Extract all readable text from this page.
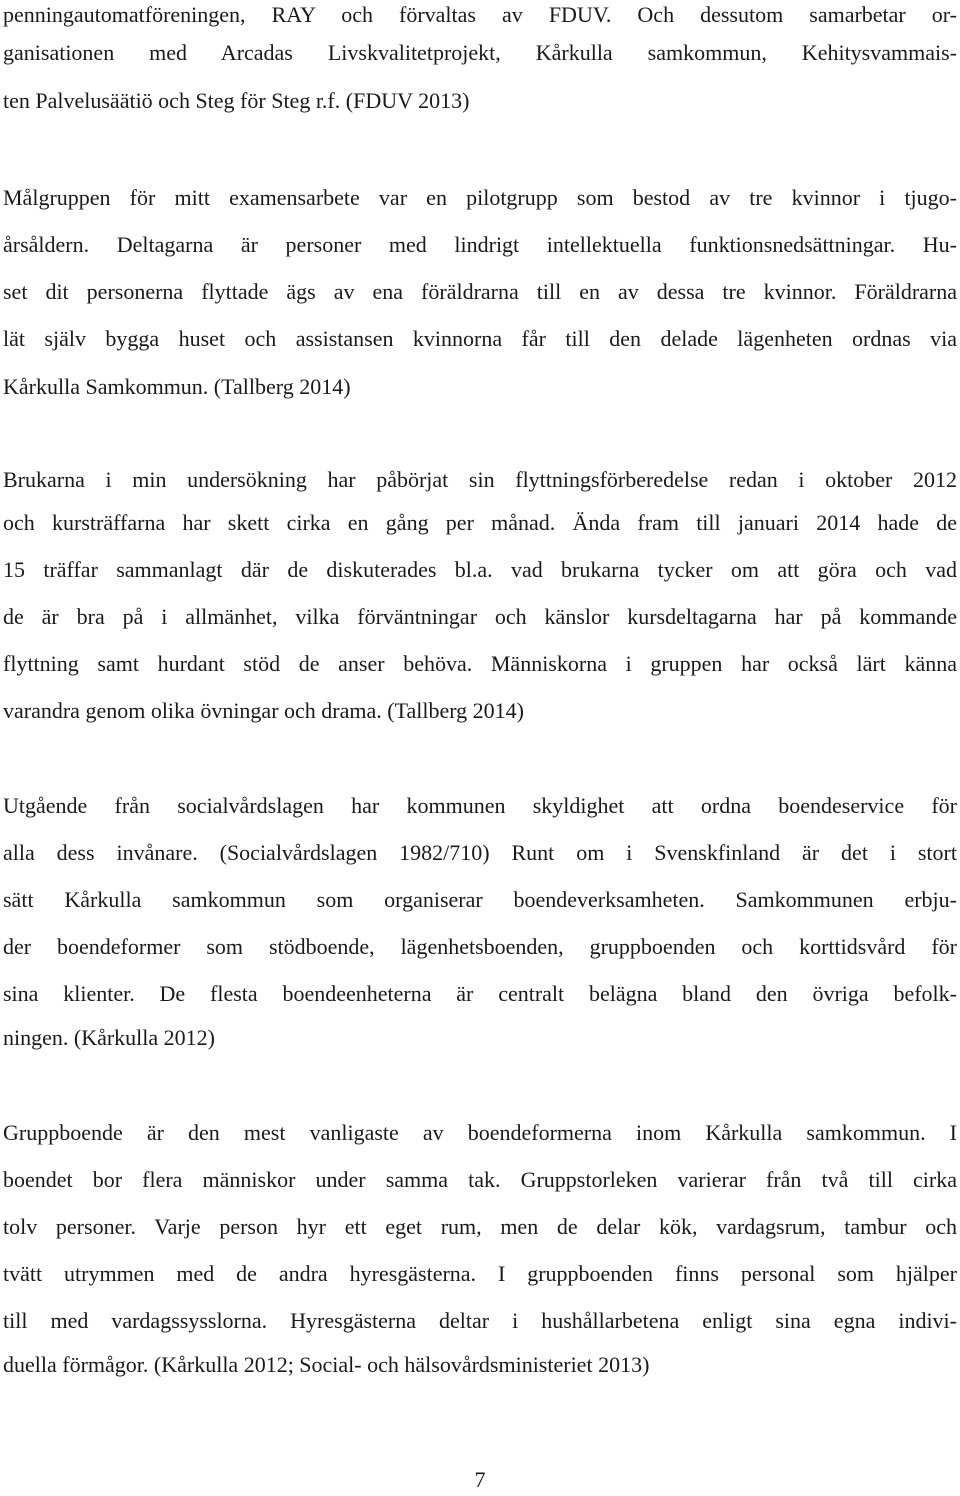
penningautomatföreningen, RAY och förvaltas av FDUV. Och dessutom samarbetar or-
ganisationen med Arcadas Livskvalitetprojekt, Kårkulla samkommun, Kehitysvammais-
ten Palvelusäätiö och Steg för Steg r.f. (FDUV 2013)
Målgruppen för mitt examensarbete var en pilotgrupp som bestod av tre kvinnor i tjugo-
årsåldern. Deltagarna är personer med lindrigt intellektuella funktionsnedsättningar. Hu-
set dit personerna flyttade ägs av ena föräldrarna till en av dessa tre kvinnor. Föräldrarna
lät själv bygga huset och assistansen kvinnorna får till den delade lägenheten ordnas via
Kårkulla Samkommun. (Tallberg 2014)
Brukarna i min undersökning har påbörjat sin flyttningsförberedelse redan i oktober 2012
och kursträffarna har skett cirka en gång per månad. Ända fram till januari 2014 hade de
15 träffar sammanlagt där de diskuterades bl.a. vad brukarna tycker om att göra och vad
de är bra på i allmänhet, vilka förväntningar och känslor kursdeltagarna har på kommande
flyttning samt hurdant stöd de anser behöva. Människorna i gruppen har också lärt känna
varandra genom olika övningar och drama. (Tallberg 2014)
Utgående från socialvårdslagen har kommunen skyldighet att ordna boendeservice för
alla dess invånare. (Socialvårdslagen 1982/710) Runt om i Svenskfinland är det i stort
sätt Kårkulla samkommun som organiserar boendeverksamheten. Samkommunen erbju-
der boendeformer som stödboende, lägenhetsboenden, gruppboenden och korttidsvård för
sina klienter. De flesta boendeenheterna är centralt belägna bland den övriga befolk-
ningen. (Kårkulla 2012)
Gruppboende är den mest vanligaste av boendeformerna inom Kårkulla samkommun. I
boendet bor flera människor under samma tak. Gruppstorleken varierar från två till cirka
tolv personer. Varje person hyr ett eget rum, men de delar kök, vardagsrum, tambur och
tvätt utrymmen med de andra hyresgästerna. I gruppboenden finns personal som hjälper
till med vardagssysslorna. Hyresgästerna deltar i hushållarbetena enligt sina egna indivi-
duella förmågor. (Kårkulla 2012; Social- och hälsovårdsministeriet 2013)
7
